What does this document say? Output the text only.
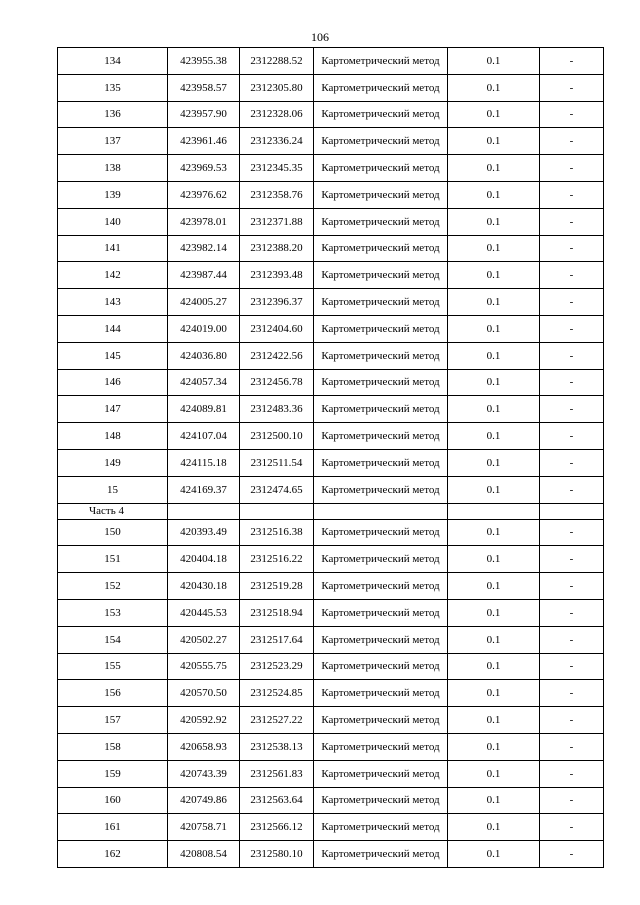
106
134	423955.38	2312288.52	Картометрический метод	0.1	-
135	423958.57	2312305.80	Картометрический метод	0.1	-
136	423957.90	2312328.06	Картометрический метод	0.1	-
137	423961.46	2312336.24	Картометрический метод	0.1	-
138	423969.53	2312345.35	Картометрический метод	0.1	-
139	423976.62	2312358.76	Картометрический метод	0.1	-
140	423978.01	2312371.88	Картометрический метод	0.1	-
141	423982.14	2312388.20	Картометрический метод	0.1	-
142	423987.44	2312393.48	Картометрический метод	0.1	-
143	424005.27	2312396.37	Картометрический метод	0.1	-
144	424019.00	2312404.60	Картометрический метод	0.1	-
145	424036.80	2312422.56	Картометрический метод	0.1	-
146	424057.34	2312456.78	Картометрический метод	0.1	-
147	424089.81	2312483.36	Картометрический метод	0.1	-
148	424107.04	2312500.10	Картометрический метод	0.1	-
149	424115.18	2312511.54	Картометрический метод	0.1	-
15	424169.37	2312474.65	Картометрический метод	0.1	-
Часть 4					
150	420393.49	2312516.38	Картометрический метод	0.1	-
151	420404.18	2312516.22	Картометрический метод	0.1	-
152	420430.18	2312519.28	Картометрический метод	0.1	-
153	420445.53	2312518.94	Картометрический метод	0.1	-
154	420502.27	2312517.64	Картометрический метод	0.1	-
155	420555.75	2312523.29	Картометрический метод	0.1	-
156	420570.50	2312524.85	Картометрический метод	0.1	-
157	420592.92	2312527.22	Картометрический метод	0.1	-
158	420658.93	2312538.13	Картометрический метод	0.1	-
159	420743.39	2312561.83	Картометрический метод	0.1	-
160	420749.86	2312563.64	Картометрический метод	0.1	-
161	420758.71	2312566.12	Картометрический метод	0.1	-
162	420808.54	2312580.10	Картометрический метод	0.1	-
